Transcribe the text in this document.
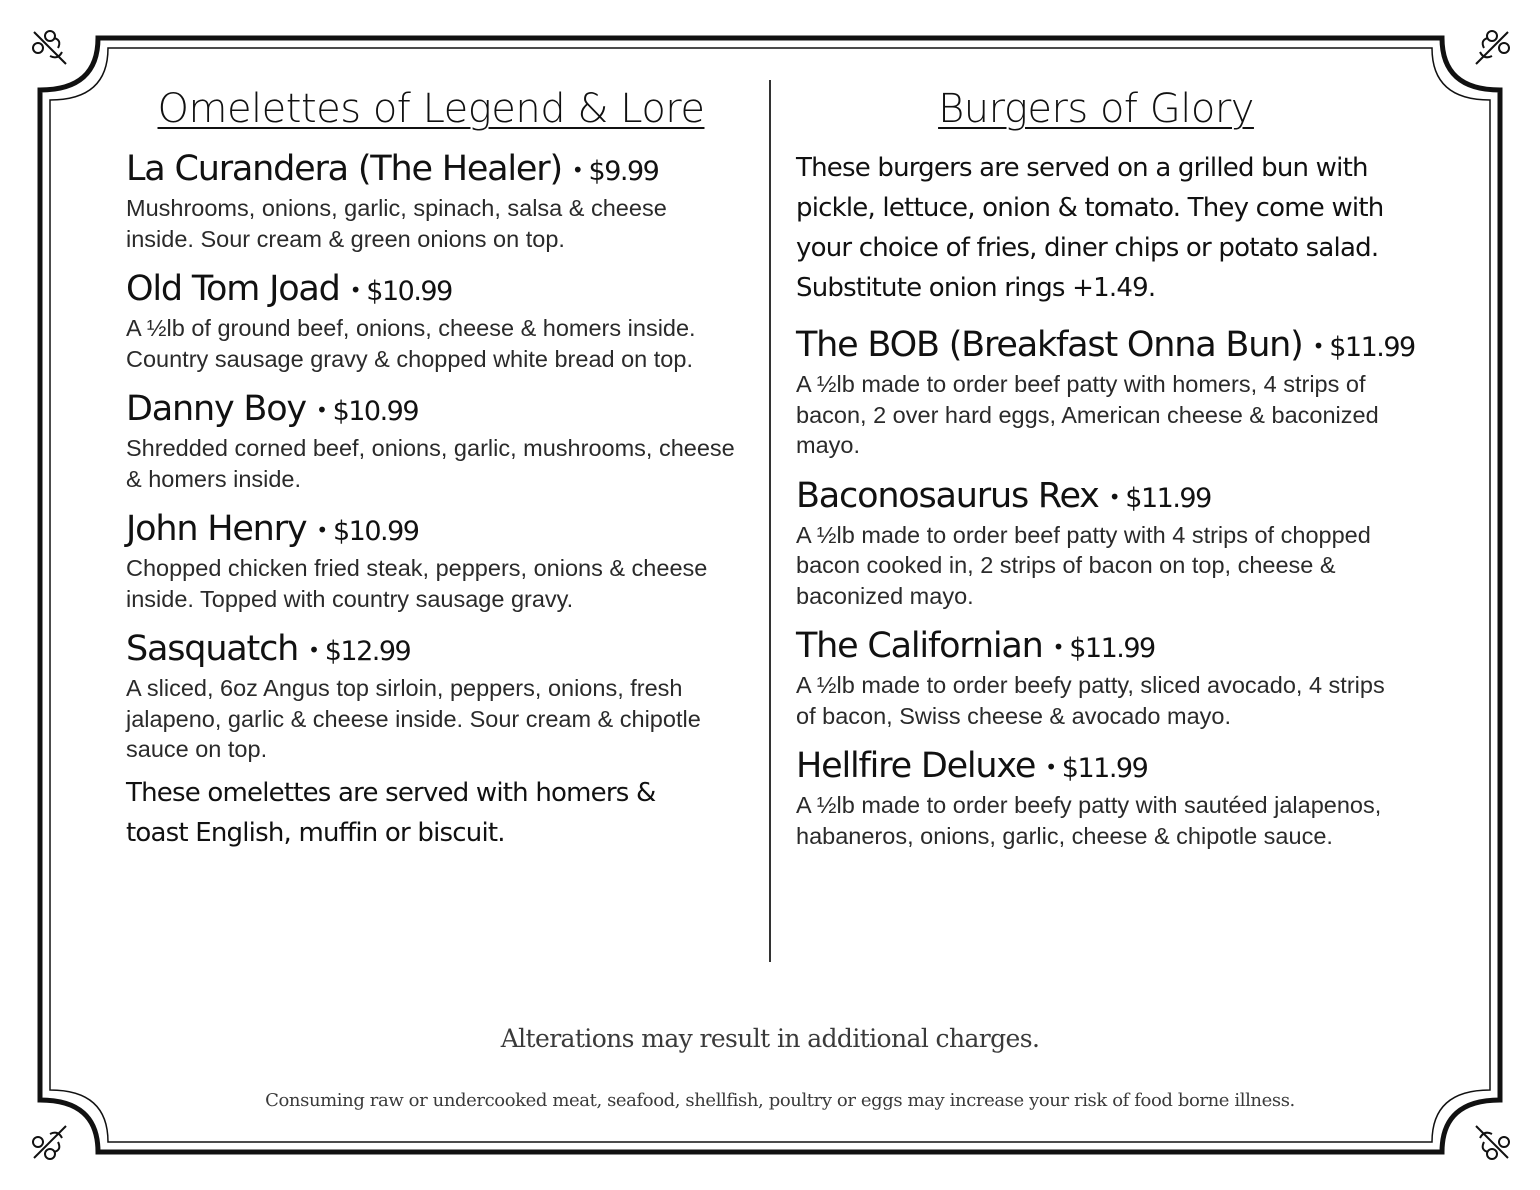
Omelettes of Legend & Lore
La Curandera (The Healer) • $9.99
Mushrooms, onions, garlic, spinach, salsa & cheese inside. Sour cream & green onions on top.
Old Tom Joad • $10.99
A ½lb of ground beef, onions, cheese & homers inside. Country sausage gravy & chopped white bread on top.
Danny Boy • $10.99
Shredded corned beef, onions, garlic, mushrooms, cheese & homers inside.
John Henry • $10.99
Chopped chicken fried steak, peppers, onions & cheese inside. Topped with country sausage gravy.
Sasquatch • $12.99
A sliced, 6oz Angus top sirloin, peppers, onions, fresh jalapeno, garlic & cheese inside. Sour cream & chipotle sauce on top.
These omelettes are served with homers & toast English, muffin or biscuit.
Burgers of Glory
These burgers are served on a grilled bun with pickle, lettuce, onion & tomato. They come with your choice of fries, diner chips or potato salad. Substitute onion rings +1.49.
The BOB (Breakfast Onna Bun) • $11.99
A ½lb made to order beef patty with homers, 4 strips of bacon, 2 over hard eggs, American cheese & baconized mayo.
Baconosaurus Rex • $11.99
A ½lb made to order beef patty with 4 strips of chopped bacon cooked in, 2 strips of bacon on top, cheese & baconized mayo.
The Californian • $11.99
A ½lb made to order beefy patty, sliced avocado, 4 strips of bacon, Swiss cheese & avocado mayo.
Hellfire Deluxe • $11.99
A ½lb made to order beefy patty with sautéed jalapenos, habaneros, onions, garlic, cheese & chipotle sauce.
Alterations may result in additional charges.
Consuming raw or undercooked meat, seafood, shellfish, poultry or eggs may increase your risk of food borne illness.
